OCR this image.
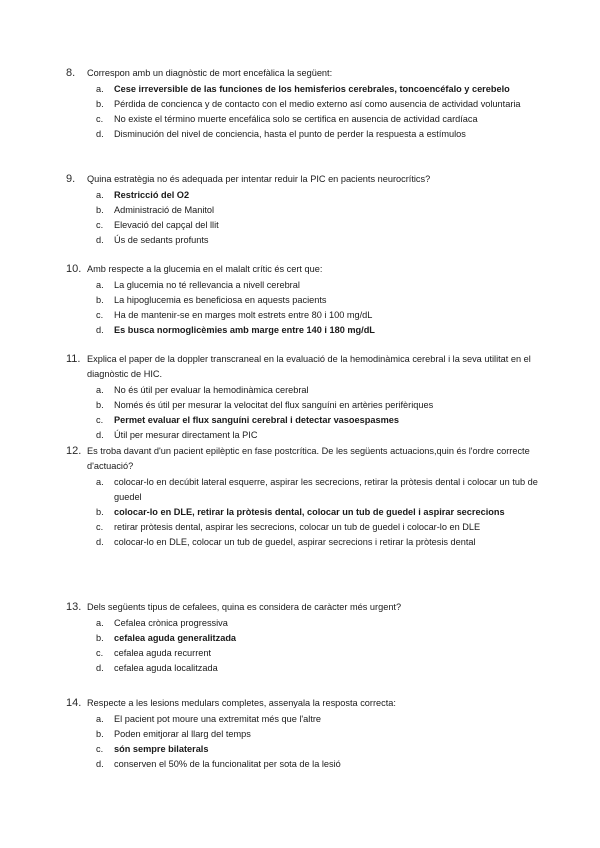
8. Correspon amb un diagnòstic de mort encefàlica la següent:
a. Cese irreversible de las funciones de los hemisferios cerebrales, toncoencéfalo y cerebelo
b. Pérdida de concienca y de contacto con el medio externo así como ausencia de actividad voluntaria
c. No existe el término muerte encefálica solo se certifica en ausencia de actividad cardíaca
d. Disminución del nivel de conciencia, hasta el punto de perder la respuesta a estímulos
9. Quina estratègia no és adequada per intentar reduir la PIC en pacients neurocrítics?
a. Restricció del O2
b. Administració de Manitol
c. Elevació del capçal del llit
d. Ús de sedants profunts
10. Amb respecte a la glucemia en el malalt crític és cert que:
a. La glucemia no té rellevancia a nivell cerebral
b. La hipoglucemia es beneficiosa en aquests pacients
c. Ha de mantenir-se en marges molt estrets entre 80 i 100 mg/dL
d. Es busca normoglicèmies amb marge entre 140 i 180 mg/dL
11. Explica el paper de la doppler transcraneal en la evaluació de la hemodinàmica cerebral i la seva utilitat en el diagnòstic de HIC.
a. No és útil per evaluar la hemodinàmica cerebral
b. Només és útil per mesurar la velocitat del flux sanguíni en artèries perifèriques
c. Permet evaluar el flux sanguíni cerebral i detectar vasoespasmes
d. Útil per mesurar directament la PIC
12. Es troba davant d'un pacient epilèptic en fase postcrítica. De les següents actuacions,quin és l'ordre correcte d'actuació?
a. colocar-lo en decúbit lateral esquerre, aspirar les secrecions, retirar la pròtesis dental i colocar un tub de guedel
b. colocar-lo en DLE, retirar la pròtesis dental, colocar un tub de guedel i aspirar secrecions
c. retirar pròtesis dental, aspirar les secrecions, colocar un tub de guedel i colocar-lo en DLE
d. colocar-lo en DLE, colocar un tub de guedel, aspirar secrecions i retirar la pròtesis dental
13. Dels següents tipus de cefalees, quina es considera de caràcter més urgent?
a. Cefalea crònica progressiva
b. cefalea aguda generalitzada
c. cefalea aguda recurrent
d. cefalea aguda localitzada
14. Respecte a les lesions medulars completes, assenyala la resposta correcta:
a. El pacient pot moure una extremitat més que l'altre
b. Poden emitjorar al llarg del temps
c. són sempre bilaterals
d. conserven el 50% de la funcionalitat per sota de la lesió
